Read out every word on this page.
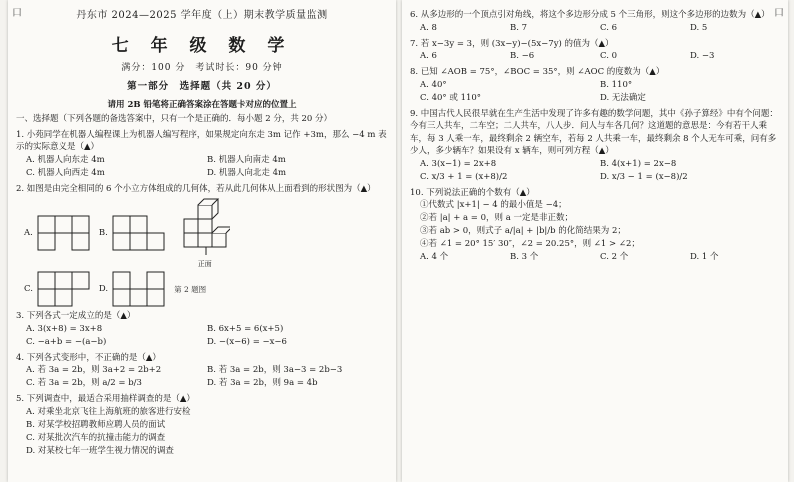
口	丹东市 2024—2025 学年度（上）期末教学质量监测
七 年 级 数 学
满分：100 分　考试时长：90 分钟
第一部分　选择题（共 20 分）
请用 2B 铅笔将正确答案涂在答题卡对应的位置上
一、选择题（下列各题的备选答案中，只有一个是正确的．每小题 2 分，共 20 分）
1. 小苑同学在机器人编程课上为机器人编写程序，如果规定向东走 3m 记作 +3m，那么 −4 m 表示的实际意义是（▲）
A. 机器人向东走 4m	B. 机器人向南走 4m
C. 机器人向西走 4m	D. 机器人向北走 4m
2. 如图是由完全相同的 6 个小立方体组成的几何体，若从此几何体从上面看到的形状图为（▲）
A.	B.
正面
C.	D.	第 2 题图
3. 下列各式一定成立的是（▲）
A. 3(x+8) = 3x+8	B. 6x+5 = 6(x+5)
C. −a+b = −(a−b)	D. −(x−6) = −x−6
4. 下列各式变形中，不正确的是（▲）
A. 若 3a = 2b，则 3a+2 = 2b+2	B. 若 3a = 2b，则 3a−3 = 2b−3
C. 若 3a = 2b，则 a/2 = b/3	D. 若 3a = 2b，则 9a = 4b
5. 下列调查中，最适合采用抽样调查的是（▲）
A. 对乘坐北京飞往上海航班的旅客进行安检
B. 对某学校招聘教师应聘人员的面试
C. 对某批次汽车的抗撞击能力的调查
D. 对某校七年一班学生视力情况的调查
口
6. 从多边形的一个顶点引对角线，将这个多边形分成 5 个三角形，则这个多边形的边数为（▲）
A. 8	B. 7	C. 6	D. 5
7. 若 x−3y = 3，则 (3x−y)−(5x−7y) 的值为（▲）
A. 6	B. −6	C. 0	D. −3
8. 已知 ∠AOB = 75°，∠BOC = 35°，则 ∠AOC 的度数为（▲）
A. 40°	B. 110°
C. 40° 或 110°	D. 无法确定
9. 中国古代人民很早就在生产生活中发现了许多有趣的数学问题，其中《孙子算经》中有个问题：今有三人共车，二车空；二人共车，八人步．问人与车各几何？这道题的意思是：今有若干人乘车，每 3 人乘一车，最终剩余 2 辆空车，若每 2 人共乘一车，最终剩余 8 个人无车可乘，问有多少人，多少辆车？如果设有 x 辆车，则可列方程（▲）
A. 3(x−1) = 2x+8	B. 4(x+1) = 2x−8
C. x/3 + 1 = (x+8)/2	D. x/3 − 1 = (x−8)/2
10. 下列说法正确的个数有（▲）
①代数式 |x+1| − 4 的最小值是 −4；
②若 |a| + a = 0，则 a 一定是非正数；
③若 ab > 0，则式子 a/|a| + |b|/b 的化简结果为 2；
④若 ∠1 = 20° 15′ 30″，∠2 = 20.25°，则 ∠1 > ∠2；
A. 4 个	B. 3 个	C. 2 个	D. 1 个
